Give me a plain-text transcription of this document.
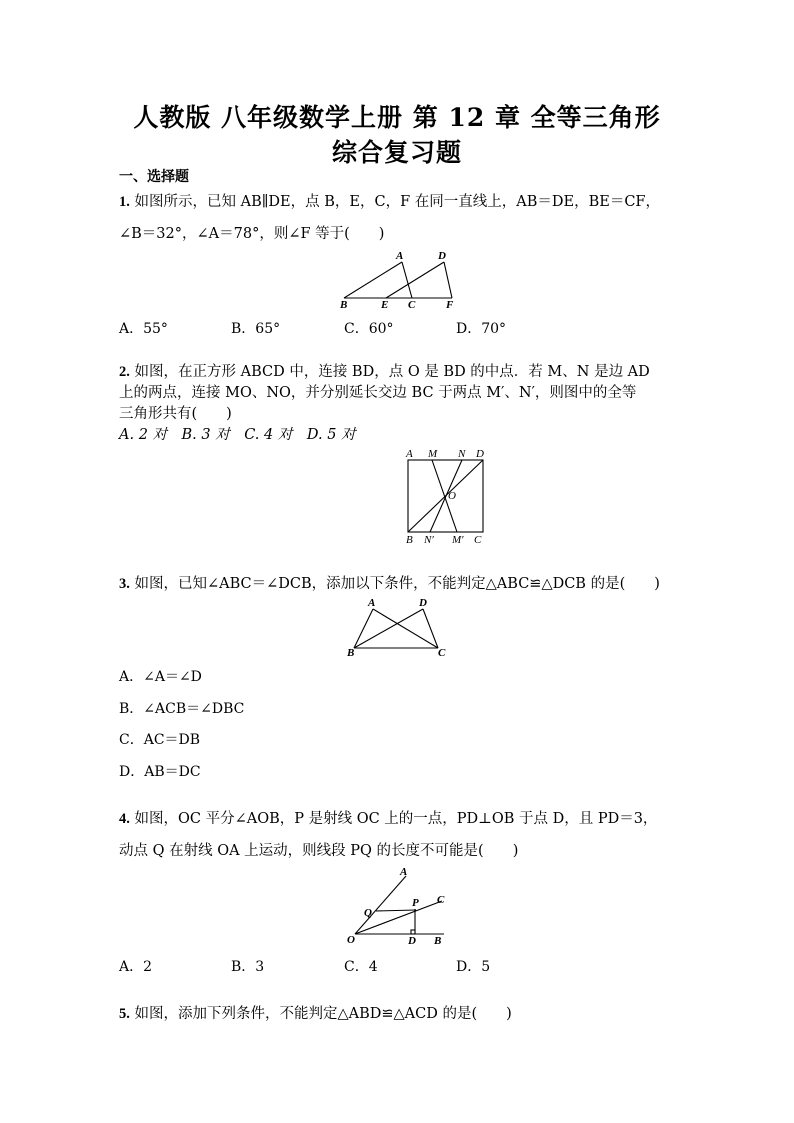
人教版 八年级数学上册 第 12 章 全等三角形
综合复习题
一、选择题
1. 如图所示，已知 AB∥DE，点 B，E，C，F 在同一直线上，AB＝DE，BE＝CF，
∠B＝32°，∠A＝78°，则∠F 等于(　　)
A	D
B	E C	F
A．55°	B．65°	C．60°	D．70°
2. 如图，在正方形 ABCD 中，连接 BD，点 O 是 BD 的中点．若 M、N 是边 AD
上的两点，连接 MO、NO，并分别延长交边 BC 于两点 M′、N′，则图中的全等
三角形共有(　　)
A. 2 对　B. 3 对　C. 4 对　D. 5 对
A M N D
O
B N′ M′ C
3. 如图，已知∠ABC＝∠DCB，添加以下条件，不能判定△ABC≌△DCB 的是(　　)
A	D
B	C
A．∠A＝∠D
B．∠ACB＝∠DBC
C．AC＝DB
D．AB＝DC
4. 如图，OC 平分∠AOB，P 是射线 OC 上的一点，PD⊥OB 于点 D，且 PD＝3，
动点 Q 在射线 OA 上运动，则线段 PQ 的长度不可能是(　　)
A
Q
P C
O	D B
A．2	B．3	C．4	D．5
5. 如图，添加下列条件，不能判定△ABD≌△ACD 的是(　　)
